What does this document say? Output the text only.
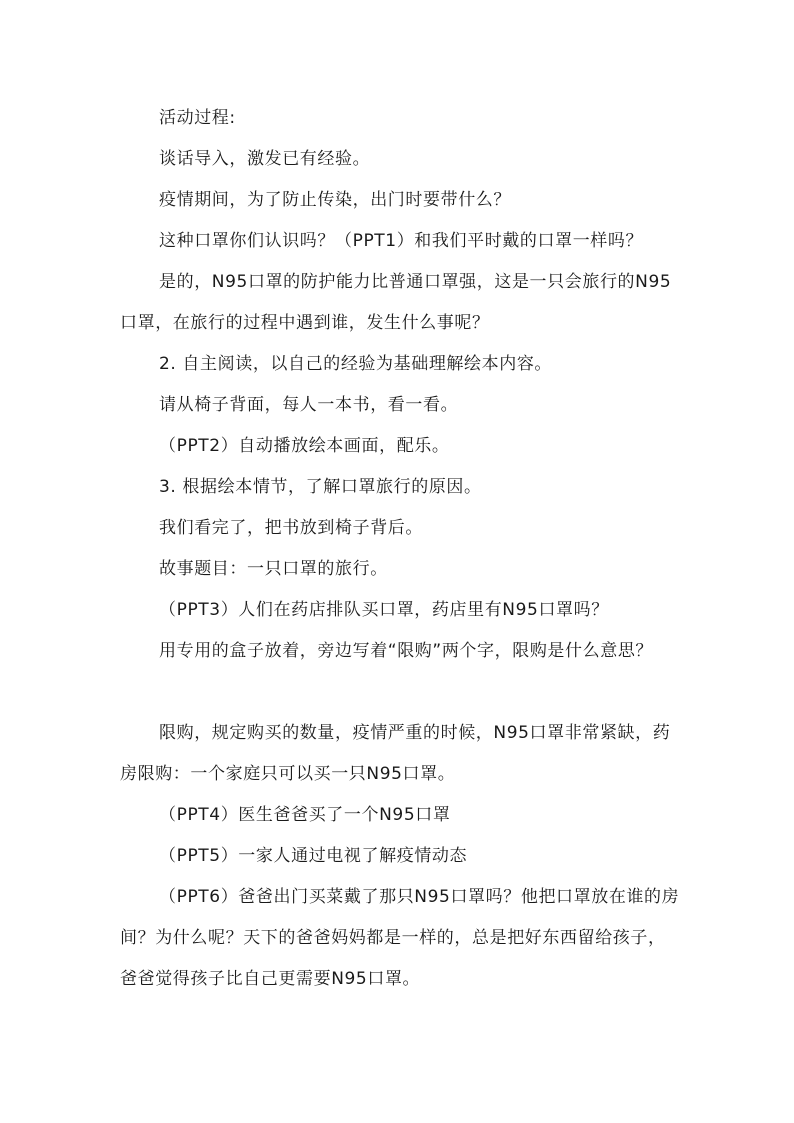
活动过程:

谈话导入，激发已有经验。

疫情期间，为了防止传染，出门时要带什么？

这种口罩你们认识吗？（PPT1）和我们平时戴的口罩一样吗？

是的，N95口罩的防护能力比普通口罩强，这是一只会旅行的N95口罩，在旅行的过程中遇到谁，发生什么事呢？

2. 自主阅读，以自己的经验为基础理解绘本内容。

请从椅子背面，每人一本书，看一看。

（PPT2）自动播放绘本画面，配乐。

3. 根据绘本情节，了解口罩旅行的原因。

我们看完了，把书放到椅子背后。

故事题目：一只口罩的旅行。

（PPT3）人们在药店排队买口罩，药店里有N95口罩吗？

用专用的盒子放着，旁边写着“限购”两个字，限购是什么意思？

限购，规定购买的数量，疫情严重的时候，N95口罩非常紧缺，药房限购：一个家庭只可以买一只N95口罩。

（PPT4）医生爸爸买了一个N95口罩

（PPT5）一家人通过电视了解疫情动态

（PPT6）爸爸出门买菜戴了那只N95口罩吗？他把口罩放在谁的房间？为什么呢？天下的爸爸妈妈都是一样的，总是把好东西留给孩子，爸爸觉得孩子比自己更需要N95口罩。
